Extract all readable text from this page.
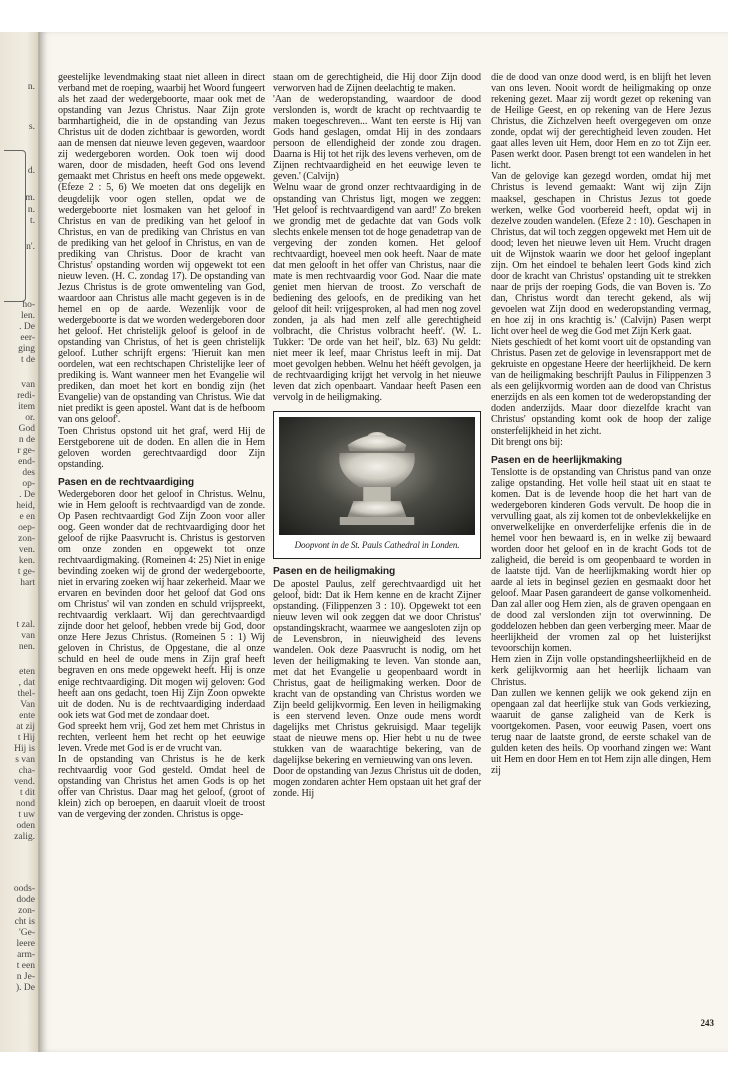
n.
s.
d.
m.
n.
t.
n'.
ho-
len.
. De
eer-
ging
t de
van
redi-
item
or.
God
n de
r ge-
end-
des
op-
. De
heid,
e en
oep-
zon-
ven.
ken.
t ge-
hart
t zal.
van
nen.
eten
, dat
thel-
Van
ente
at zij
t Hij
Hij is
s van
cha-
vend.
t dit
nond
t uw
oden
zalig.
oods-
dode
zon-
cht is
'Ge-
leere
arm-
t een
n Je-
). De

geestelijke levendmaking staat niet alleen in direct verband met de roeping, waarbij het Woord fungeert als het zaad der wedergeboorte, maar ook met de opstanding van Jezus Christus. Naar Zijn grote barmhartigheid, die in de opstanding van Jezus Christus uit de doden zichtbaar is geworden, wordt aan de mensen dat nieuwe leven gegeven, waardoor zij wedergeboren worden. Ook toen wij dood waren, door de misdaden, heeft God ons levend gemaakt met Christus en heeft ons mede opgewekt. (Efeze 2 : 5, 6) We moeten dat ons degelijk en deugdelijk voor ogen stellen, opdat we de wedergeboorte niet losmaken van het geloof in Christus en van de prediking van het geloof in Christus, en van de prediking van Christus en van de prediking van het geloof in Christus, en van de prediking van Christus. Door de kracht van Christus' opstanding worden wij opgewekt tot een nieuw leven. (H. C. zondag 17). De opstanding van Jezus Christus is de grote omwenteling van God, waardoor aan Christus alle macht gegeven is in de hemel en op de aarde. Wezenlijk voor de wedergeboorte is dat we worden wedergeboren door het geloof. Het christelijk geloof is geloof in de opstanding van Christus, of het is geen christelijk geloof. Luther schrijft ergens: 'Hieruit kan men oordelen, wat een rechtschapen Christelijke leer of prediking is. Want wanneer men het Evangelie wil prediken, dan moet het kort en bondig zijn (het Evangelie) van de opstanding van Christus. Wie dat niet predikt is geen apostel. Want dat is de hefboom van ons geloof'.

Toen Christus opstond uit het graf, werd Hij de Eerstgeborene uit de doden. En allen die in Hem geloven worden gerechtvaardigd door Zijn opstanding.

Pasen en de rechtvaardiging

Wedergeboren door het geloof in Christus. Welnu, wie in Hem gelooft is rechtvaardigd van de zonde. Op Pasen rechtvaardigt God Zijn Zoon voor aller oog. Geen wonder dat de rechtvaardiging door het geloof de rijke Paasvrucht is. Christus is gestorven om onze zonden en opgewekt tot onze rechtvaardigmaking. (Romeinen 4: 25) Niet in enige bevinding zoeken wij de grond der wedergeboorte, niet in ervaring zoeken wij haar zekerheid. Maar we ervaren en bevinden door het geloof dat God ons om Christus' wil van zonden en schuld vrijspreekt, rechtvaardig verklaart. Wij dan gerechtvaardigd zijnde door het geloof, hebben vrede bij God, door onze Here Jezus Christus. (Romeinen 5 : 1) Wij geloven in Christus, de Opgestane, die al onze schuld en heel de oude mens in Zijn graf heeft begraven en ons mede opgewekt heeft. Hij is onze enige rechtvaardiging. Dit mogen wij geloven: God heeft aan ons gedacht, toen Hij Zijn Zoon opwekte uit de doden. Nu is de rechtvaardiging inderdaad ook iets wat God met de zondaar doet.

God spreekt hem vrij, God zet hem met Christus in rechten, verleent hem het recht op het eeuwige leven. Vrede met God is er de vrucht van.

In de opstanding van Christus is he de kerk rechtvaardig voor God gesteld. Omdat heel de opstanding van Christus het amen Gods is op het offer van Christus. Daar mag het geloof, (groot of klein) zich op beroepen, en daaruit vloeit de troost van de vergeving der zonden. Christus is opge-

staan om de gerechtigheid, die Hij door Zijn dood verworven had de Zijnen deelachtig te maken.

'Aan de wederopstanding, waardoor de dood verslonden is, wordt de kracht op rechtvaardig te maken toegeschreven... Want ten eerste is Hij van Gods hand geslagen, omdat Hij in des zondaars persoon de ellendigheid der zonde zou dragen. Daarna is Hij tot het rijk des levens verheven, om de Zijnen rechtvaardigheid en het eeuwige leven te geven.' (Calvijn)

Welnu waar de grond onzer rechtvaardiging in de opstanding van Christus ligt, mogen we zeggen: 'Het geloof is rechtvaardigend van aard!' Zo breken we grondig met de gedachte dat van Gods volk slechts enkele mensen tot de hoge genadetrap van de vergeving der zonden komen. Het geloof rechtvaardigt, hoeveel men ook heeft. Naar de mate dat men gelooft in het offer van Christus, naar die mate is men rechtvaardig voor God. Naar die mate geniet men hiervan de troost. Zo verschaft de bediening des geloofs, en de prediking van het geloof dit heil: vrijgesproken, al had men nog zovel zonden, ja als had men zelf alle gerechtigheid volbracht, die Christus volbracht heeft'. (W. L. Tukker: 'De orde van het heil', blz. 63) Nu geldt: niet meer ik leef, maar Christus leeft in mij. Dat moet gevolgen hebben. Welnu het hééft gevolgen, ja de rechtvaardiging krijgt het vervolg in het nieuwe leven dat zich openbaart. Vandaar heeft Pasen een vervolg in de heiligmaking.

Doopvont in de St. Pauls Cathedral in Londen.
Pasen en de heiligmaking

De apostel Paulus, zelf gerechtvaardigd uit het geloof, bidt: Dat ik Hem kenne en de kracht Zijner opstanding. (Filippenzen 3 : 10). Opgewekt tot een nieuw leven wil ook zeggen dat we door Christus' opstandingskracht, waarmee we aangesloten zijn op de Levensbron, in nieuwigheid des levens wandelen. Ook deze Paasvrucht is nodig, om het leven der heiligmaking te leven. Van stonde aan, met dat het Evangelie u geopenbaard wordt in Christus, gaat de heiligmaking werken. Door de kracht van de opstanding van Christus worden we Zijn beeld gelijkvormig. Een leven in heiligmaking is een stervend leven. Onze oude mens wordt dagelijks met Christus gekruisigd. Maar tegelijk staat de nieuwe mens op. Hier hebt u nu de twee stukken van de waarachtige bekering, van de dagelijkse bekering en vernieuwing van ons leven.

Door de opstanding van Jezus Christus uit de doden, mogen zondaren achter Hem opstaan uit het graf der zonde. Hij

die de dood van onze dood werd, is en blijft het leven van ons leven. Nooit wordt de heiligmaking op onze rekening gezet. Maar zij wordt gezet op rekening van de Heilige Geest, en op rekening van de Here Jezus Christus, die Zichzelven heeft overgegeven om onze zonde, opdat wij der gerechtigheid leven zouden. Het gaat alles leven uit Hem, door Hem en zo tot Zijn eer. Pasen werkt door. Pasen brengt tot een wandelen in het licht.

Van de gelovige kan gezegd worden, omdat hij met Christus is levend gemaakt: Want wij zijn Zijn maaksel, geschapen in Christus Jezus tot goede werken, welke God voorbereid heeft, opdat wij in dezelve zouden wandelen. (Efeze 2 : 10). Geschapen in Christus, dat wil toch zeggen opgewekt met Hem uit de dood; leven het nieuwe leven uit Hem. Vrucht dragen uit de Wijnstok waarin we door het geloof ingeplant zijn. Om het eindoel te behalen leert Gods kind zich door de kracht van Christus' opstanding uit te strekken naar de prijs der roeping Gods, die van Boven is. 'Zo dan, Christus wordt dan terecht gekend, als wij gevoelen wat Zijn dood en wederopstanding vermag, en hoe zij in ons krachtig is.' (Calvijn) Pasen werpt licht over heel de weg die God met Zijn Kerk gaat.

Niets geschiedt of het komt voort uit de opstanding van Christus. Pasen zet de gelovige in levensrapport met de gekruiste en opgestane Heere der heerlijkheid. De kern van de heiligmaking beschrijft Paulus in Filippenzen 3 als een gelijkvormig worden aan de dood van Christus enerzijds en als een komen tot de wederopstanding der doden anderzijds. Maar door diezelfde kracht van Christus' opstanding komt ook de hoop der zalige onsterfelijkheid in het zicht.

Dit brengt ons bij:

Pasen en de heerlijkmaking

Tenslotte is de opstanding van Christus pand van onze zalige opstanding. Het volle heil staat uit en staat te komen. Dat is de levende hoop die het hart van de wedergeboren kinderen Gods vervult. De hoop die in vervulling gaat, als zij komen tot de onbevlekkelijke en onverwelkelijke en onverderfelijke erfenis die in de hemel voor hen bewaard is, en in welke zij bewaard worden door het geloof en in de kracht Gods tot de zaligheid, die bereid is om geopenbaard te worden in de laatste tijd. Van de heerlijkmaking wordt hier op aarde al iets in beginsel gezien en gesmaakt door het geloof. Maar Pasen garandeert de ganse volkomenheid. Dan zal aller oog Hem zien, als de graven opengaan en de dood zal verslonden zijn tot overwinning. De goddelozen hebben dan geen verberging meer. Maar de heerlijkheid der vromen zal op het luisterijkst tevoorschijn komen.

Hem zien in Zijn volle opstandingsheerlijkheid en de kerk gelijkvormig aan het heerlijk lichaam van Christus.

Dan zullen we kennen gelijk we ook gekend zijn en opengaan zal dat heerlijke stuk van Gods verkiezing, waaruit de ganse zaligheid van de Kerk is voortgekomen. Pasen, voor eeuwig Pasen, voert ons terug naar de laatste grond, de eerste schakel van de gulden keten des heils. Op voorhand zingen we: Want uit Hem en door Hem en tot Hem zijn alle dingen, Hem zij

243
